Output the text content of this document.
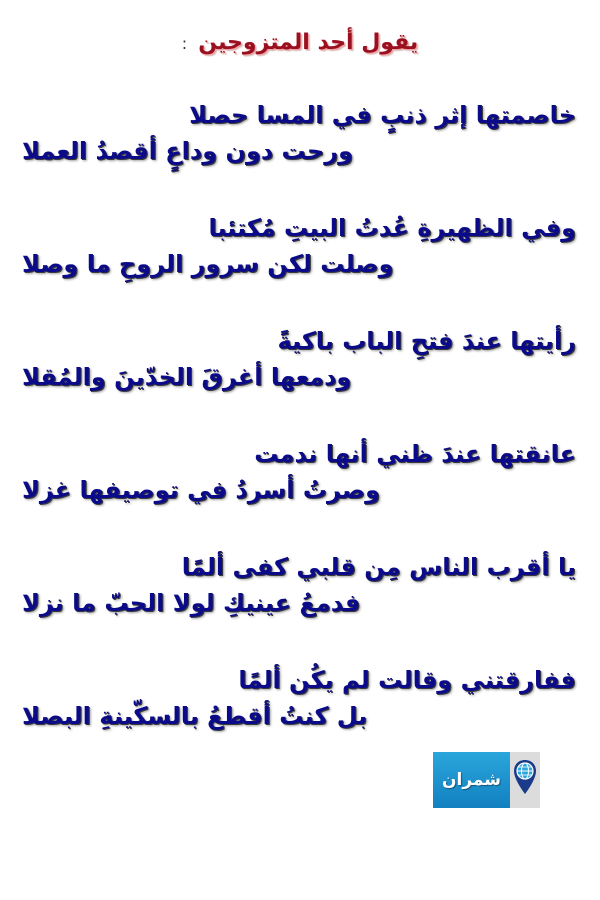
يقول أحد المتزوجين :
خاصمتها إثر ذنبٍ في المسا حصلا
ورحت دون وداعٍ أقصدُ العملا
وفي الظهيرةِ عُدتُ البيتِ مُكتئبا
وصلت لكن سرور الروحِ ما وصلا
رأيتها عندَ فتحِ الباب باكيةً
ودمعها أغرقَ الخدّينَ والمُقلا
عانقتها عندَ ظني أنها ندمت
وصرتُ أسردُ في توصيفها غزلا
يا أقرب الناس مِن قلبي كفى ألمًا
فدمعُ عينيكِ لولا الحبّ ما نزلا
ففارقتني وقالت لم يكُن ألمًا
بل كنتُ أقطعُ بالسكّينةِ البصلا
شمران
